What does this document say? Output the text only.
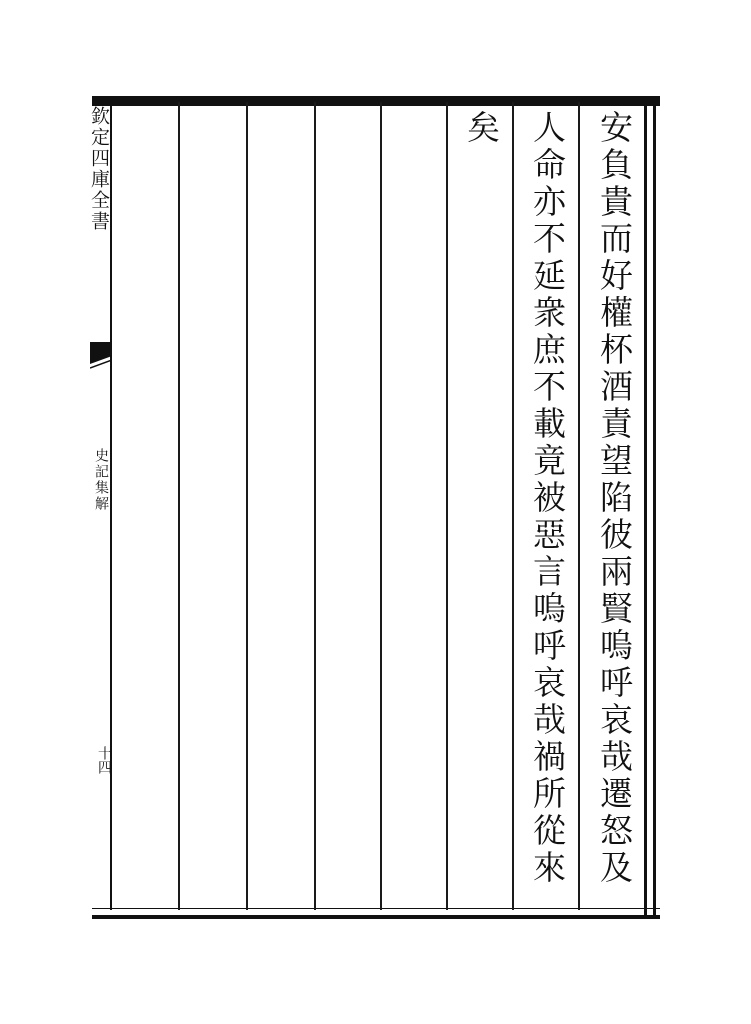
欽定四庫全書
史記集解
十四	安負貴而好權杯酒責望陷彼兩賢嗚呼哀哉遷怒及
人命亦不延衆庶不載竟被惡言嗚呼哀哉禍所從來
矣
